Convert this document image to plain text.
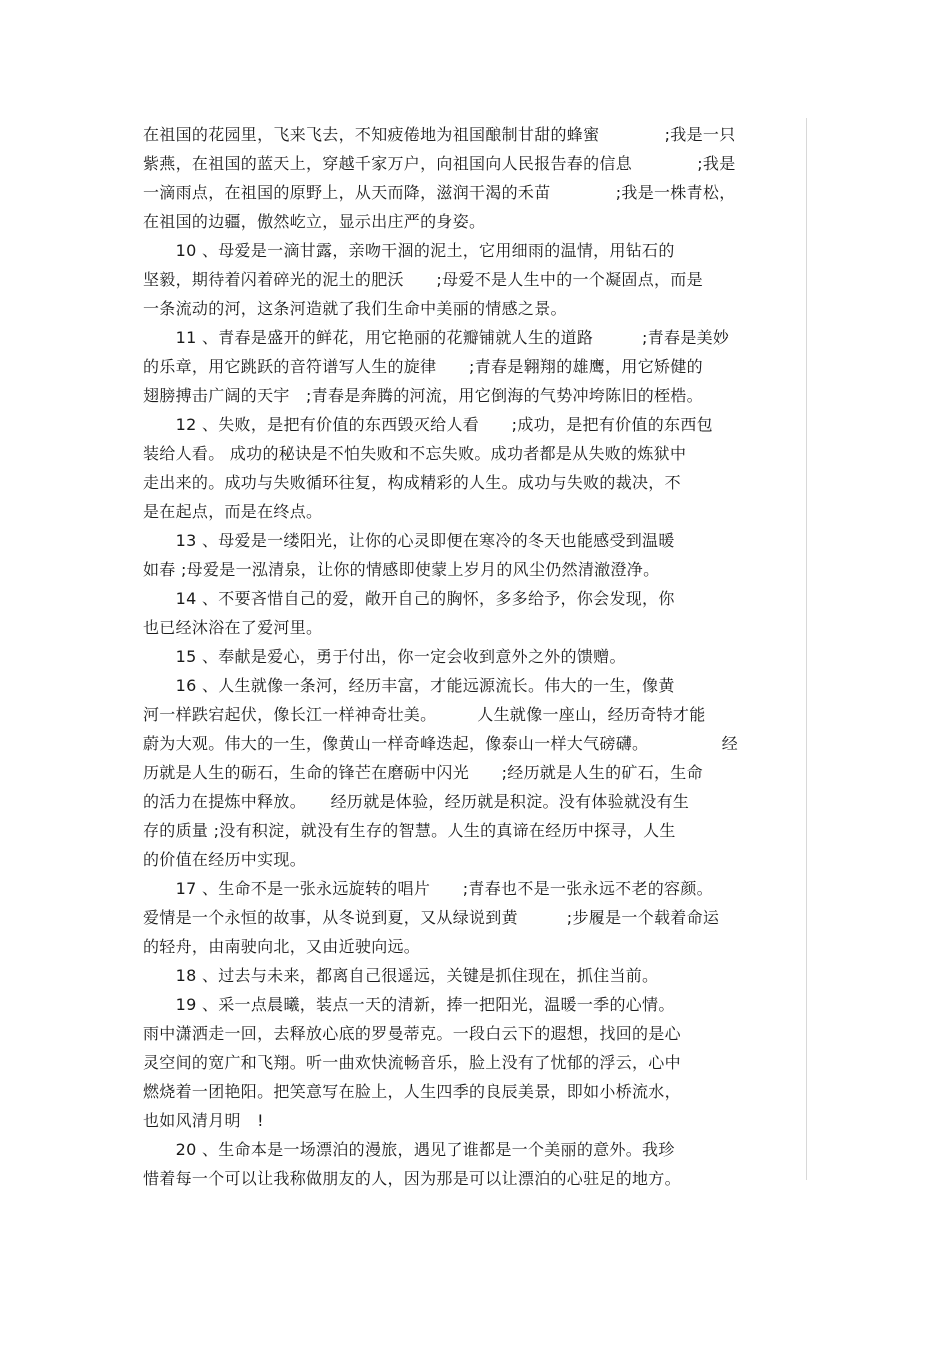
在祖国的花园里，飞来飞去，不知疲倦地为祖国酿制甘甜的蜂蜜　　　　;我是一只
紫燕，在祖国的蓝天上，穿越千家万户，向祖国向人民报告春的信息　　　　;我是
一滴雨点，在祖国的原野上，从天而降，滋润干渴的禾苗　　　　;我是一株青松，
在祖国的边疆，傲然屹立，显示出庄严的身姿。
　　10 、母爱是一滴甘露，亲吻干涸的泥土，它用细雨的温情，用钻石的
坚毅，期待着闪着碎光的泥土的肥沃　　;母爱不是人生中的一个凝固点，而是
一条流动的河，这条河造就了我们生命中美丽的情感之景。
　　11 、青春是盛开的鲜花，用它艳丽的花瓣铺就人生的道路　　　;青春是美妙
的乐章，用它跳跃的音符谱写人生的旋律　　;青春是翱翔的雄鹰，用它矫健的
翅膀搏击广阔的天宇　;青春是奔腾的河流，用它倒海的气势冲垮陈旧的桎梏。
　　12 、失败，是把有价值的东西毁灭给人看　　;成功，是把有价值的东西包
装给人看。 成功的秘诀是不怕失败和不忘失败。成功者都是从失败的炼狱中
走出来的。成功与失败循环往复，构成精彩的人生。成功与失败的裁决，不
是在起点，而是在终点。
　　13 、母爱是一缕阳光，让你的心灵即便在寒冷的冬天也能感受到温暖
如春 ;母爱是一泓清泉，让你的情感即使蒙上岁月的风尘仍然清澈澄净。
　　14 、不要吝惜自己的爱，敞开自己的胸怀，多多给予，你会发现，你
也已经沐浴在了爱河里。
　　15 、奉献是爱心，勇于付出，你一定会收到意外之外的馈赠。
　　16 、人生就像一条河，经历丰富，才能远源流长。伟大的一生，像黄
河一样跌宕起伏，像长江一样神奇壮美。　　　人生就像一座山，经历奇特才能
蔚为大观。伟大的一生，像黄山一样奇峰迭起，像泰山一样大气磅礴。　　　　　经
历就是人生的砺石，生命的锋芒在磨砺中闪光　　;经历就是人生的矿石，生命
的活力在提炼中释放。　　经历就是体验，经历就是积淀。没有体验就没有生
存的质量 ;没有积淀，就没有生存的智慧。人生的真谛在经历中探寻，人生
的价值在经历中实现。
　　17 、生命不是一张永远旋转的唱片　　;青春也不是一张永远不老的容颜。
爱情是一个永恒的故事，从冬说到夏，又从绿说到黄　　　;步履是一个载着命运
的轻舟，由南驶向北，又由近驶向远。
　　18 、过去与未来，都离自己很遥远，关键是抓住现在，抓住当前。
　　19 、采一点晨曦，装点一天的清新，捧一把阳光，温暖一季的心情。
雨中潇洒走一回，去释放心底的罗曼蒂克。一段白云下的遐想，找回的是心
灵空间的宽广和飞翔。听一曲欢快流畅音乐，脸上没有了忧郁的浮云，心中
燃烧着一团艳阳。把笑意写在脸上，人生四季的良辰美景，即如小桥流水，
也如风清月明　!
　　20 、生命本是一场漂泊的漫旅，遇见了谁都是一个美丽的意外。我珍
惜着每一个可以让我称做朋友的人，因为那是可以让漂泊的心驻足的地方。
